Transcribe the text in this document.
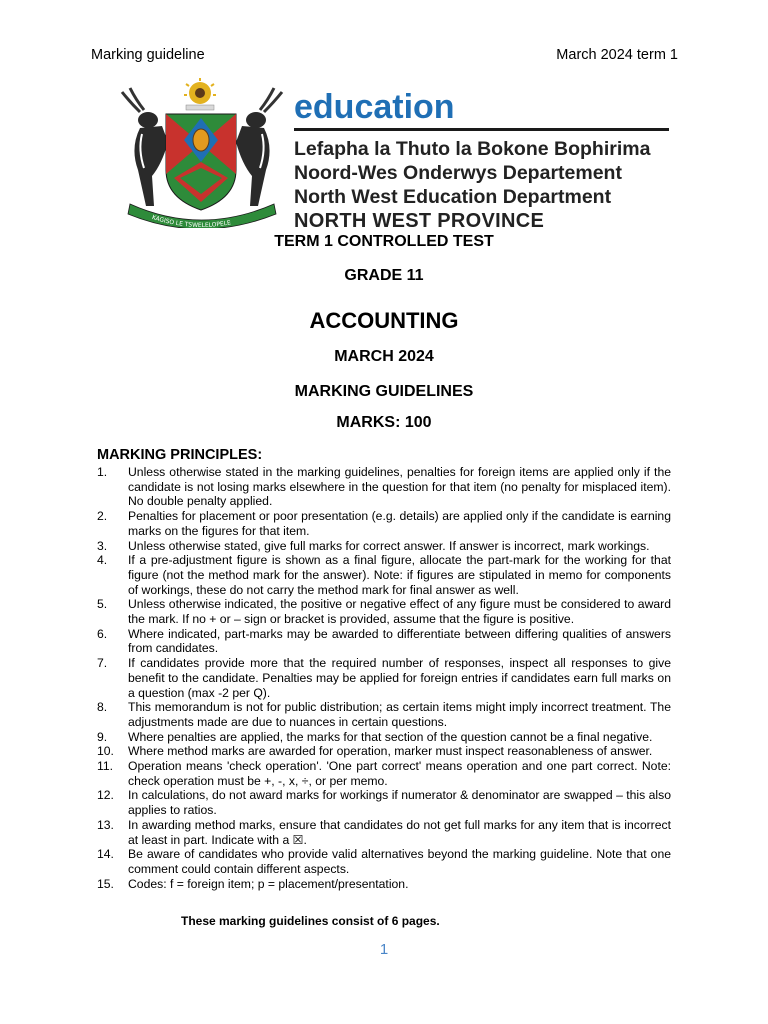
Marking guideline	March 2024 term 1
KAGISO LE TSWELELOPELE
education
Lefapha la Thuto la Bokone Bophirima
Noord-Wes Onderwys Departement
North West Education Department
NORTH WEST PROVINCE
TERM 1 CONTROLLED TEST
GRADE 11
ACCOUNTING
MARCH 2024
MARKING GUIDELINES
MARKS: 100
MARKING PRINCIPLES:
1.	Unless otherwise stated in the marking guidelines, penalties for foreign items are applied only if the candidate is not losing marks elsewhere in the question for that item (no penalty for misplaced item). No double penalty applied.
2.	Penalties for placement or poor presentation (e.g. details) are applied only if the candidate is earning marks on the figures for that item.
3.	Unless otherwise stated, give full marks for correct answer. If answer is incorrect, mark workings.
4.	If a pre-adjustment figure is shown as a final figure, allocate the part-mark for the working for that figure (not the method mark for the answer). Note: if figures are stipulated in memo for components of workings, these do not carry the method mark for final answer as well.
5.	Unless otherwise indicated, the positive or negative effect of any figure must be considered to award the mark. If no + or – sign or bracket is provided, assume that the figure is positive.
6.	Where indicated, part-marks may be awarded to differentiate between differing qualities of answers from candidates.
7.	If candidates provide more that the required number of responses, inspect all responses to give benefit to the candidate. Penalties may be applied for foreign entries if candidates earn full marks on a question (max -2 per Q).
8.	This memorandum is not for public distribution; as certain items might imply incorrect treatment. The adjustments made are due to nuances in certain questions.
9.	Where penalties are applied, the marks for that section of the question cannot be a final negative.
10.	Where method marks are awarded for operation, marker must inspect reasonableness of answer.
11.	Operation means 'check operation'. 'One part correct' means operation and one part correct. Note: check operation must be +, -, x, ÷, or per memo.
12.	In calculations, do not award marks for workings if numerator & denominator are swapped – this also applies to ratios.
13.	In awarding method marks, ensure that candidates do not get full marks for any item that is incorrect at least in part. Indicate with a ☒.
14.	Be aware of candidates who provide valid alternatives beyond the marking guideline. Note that one comment could contain different aspects.
15.	Codes: f = foreign item; p = placement/presentation.
These marking guidelines consist of 6 pages.
1
